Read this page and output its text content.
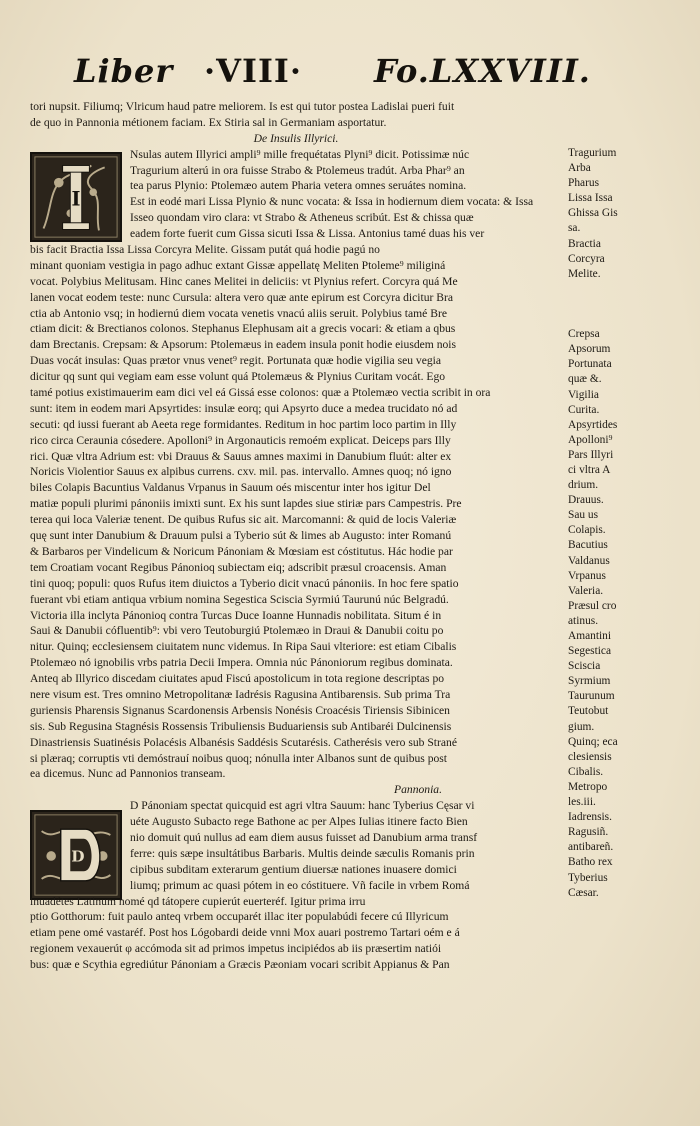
Liber ·VIII· Fo.LXXVIII.
I
D
tori nupsit. Filiumq; Vlricum haud patre meliorem. Is est qui tutor postea Ladislai pueri fuit
de quo in Pannonia métionem faciam. Ex Stiria sal in Germaniam asportatur.
De Insulis Illyrici.
Nsulas autem Illyrici ampli⁹ mille frequétatas Plyni⁹ dicit. Potissimæ núc
Tragurium alterú in ora fuisse Strabo & Ptolemeus tradút. Arba Phar⁹ an
tea parus Plynio: Ptolemæo autem Pharia vetera omnes seruátes nomina.
Est in eodé mari Lissa Plynio & nunc vocata: & Issa in hodiernum diem vocata: & Issa
Isseo quondam viro clara: vt Strabo & Atheneus scribút. Est & chissa quæ
eadem forte fuerit cum Gissa sicuti Issa & Lissa. Antonius tamé duas his ver
bis facit Bractia Issa Lissa Corcyra Melite. Gissam putát quá hodie pagú no
minant quoniam vestigia in pago adhuc extant Gissæ appellatę Meliten Ptoleme⁹ miliginá
vocat. Polybius Melitusam. Hinc canes Melitei in deliciis: vt Plynius refert. Corcyra quá Me
lanen vocat eodem teste: nunc Cursula: altera vero quæ ante epirum est Corcyra dicitur Bra
ctia ab Antonio vsq; in hodiernú diem vocata venetis vnacú aliis seruit. Polybius tamé Bre
ctiam dicit: & Brectianos colonos. Stephanus Elephusam ait a grecis vocari: & etiam a qbus
dam Brectanis. Crepsam: & Apsorum: Ptolemæus in eadem insula ponit hodie eiusdem nois
Duas vocát insulas: Quas prætor vnus venet⁹ regit. Portunata quæ hodie vigilia seu vegia
dicitur qq sunt qui vegiam eam esse volunt quá Ptolemæus & Plynius Curitam vocát. Ego
tamé potius existimauerim eam dici vel eá Gissá esse colonos: quæ a Ptolemæo vectia scribit in ora
sunt: item in eodem mari Apsyrtides: insulæ eorq; qui Apsyrto duce a medea trucidato nó ad
secuti: qd iussi fuerant ab Aeeta rege formidantes. Reditum in hoc partim loco partim in Illy
rico circa Ceraunia cósedere. Apolloni⁹ in Argonauticis remoém explicat. Deiceps pars Illy
rici. Quæ vltra Adrium est: vbi Drauus & Sauus amnes maximi in Danubium fluút: alter ex
Noricis Violentior Sauus ex alpibus currens. cxv. mil. pas. intervallo. Amnes quoq; nó igno
biles Colapis Bacuntius Valdanus Vrpanus in Sauum oés miscentur inter hos igitur Del
matiæ populi plurimi pánoniis imixti sunt. Ex his sunt lapdes siue stiriæ pars Campestris. Pre
terea qui loca Valeriæ tenent. De quibus Rufus sic ait. Marcomanni: & quid de locis Valeriæ
quę sunt inter Danubium & Drauum pulsi a Tyberio sút & limes ab Augusto: inter Romanú
& Barbaros per Vindelicum & Noricum Pánoniam & Mœsiam est cóstitutus. Hác hodie par
tem Croatiam vocant Regibus Pánonioq subiectam eiq; adscribit præsul croacensis. Aman
tini quoq; populi: quos Rufus item diuictos a Tyberio dicit vnacú pánoniis. In hoc fere spatio
fuerant vbi etiam antiqua vrbium nomina Segestica Sciscia Syrmiú Taurunú núc Belgradú.
Victoria illa inclyta Pánonioq contra Turcas Duce Ioanne Hunnadis nobilitata. Situm é in
Saui & Danubii cófluentib⁹: vbi vero Teutoburgiú Ptolemæo in Draui & Danubii coitu po
nitur. Quinq; ecclesiensem ciuitatem nunc videmus. In Ripa Saui vlteriore: est etiam Cibalis
Ptolemæo nó ignobilis vrbs patria Decii Impera. Omnia núc Pánoniorum regibus dominata.
Anteq ab Illyrico discedam ciuitates apud Fiscú apostolicum in tota regione descriptas po
nere visum est. Tres omnino Metropolitanæ Iadrésis Ragusina Antibarensis. Sub prima Tra
guriensis Pharensis Signanus Scardonensis Arbensis Nonésis Croacésis Tiriensis Sibinicen
sis. Sub Regusina Stagnésis Rossensis Tribuliensis Buduariensis sub Antibaréi Dulcinensis
Dinastriensis Suatinésis Polacésis Albanésis Saddésis Scutarésis. Catherésis vero sub Strané
si plæraq; corruptis vti demóstrauí noibus quoq; nónulla inter Albanos sunt de quibus post
ea dicemus. Nunc ad Pannonios transeam.
Pannonia.
D Pánoniam spectat quicquid est agri vltra Sauum: hanc Tyberius Cęsar vi
uéte Augusto Subacto rege Bathone ac per Alpes Iulias itinere facto Bien
nio domuit quú nullus ad eam diem ausus fuisset ad Danubium arma transf
ferre: quis sæpe insultátibus Barbaris. Multis deinde sæculis Romanis prin
cipibus subditam exterarum gentium diuersæ nationes inuasere domici
liumq; primum ac quasi pótem in eo cóstituere. Vñ facile in vrbem Romá
inuadétes Latinum nomé qd tátopere cupierút euerteréf. Igitur prima irru
ptio Gotthorum: fuit paulo anteq vrbem occuparét illac iter populabúdi fecere cú Illyricum
etiam pene omé vastaréf. Post hos Lógobardi deide vnni Mox auari postremo Tartari oém e á
regionem vexauerút φ accómoda sit ad primos impetus incipiédos ab iis præsertim natiói
bus: quæ e Scythia egrediútur Pánoniam a Græcis Pæoniam vocari scribit Appianus & Pan
Tragurium
Arba
Pharus
Lissa Issa
Ghissa Gis
sa.
Bractia
Corcyra
Melite.
Crepsa
Apsorum
Portunata
quæ &.
Vigilia
Curita.
Apsyrtides
Apolloni⁹
Pars Illyri
ci vltra A
drium.
Drauus.
Sau us
Colapis.
Bacutius
Valdanus
Vrpanus
Valeria.
Præsul cro
atinus.
Amantini
Segestica
Sciscia
Syrmium
Taurunum
Teutobut
gium.
Quinq; eca
clesiensis
Cibalis.
Metropo
les.iii.
Iadrensis.
Ragusiñ.
antibareñ.
Batho rex
Tyberius
Cæsar.
